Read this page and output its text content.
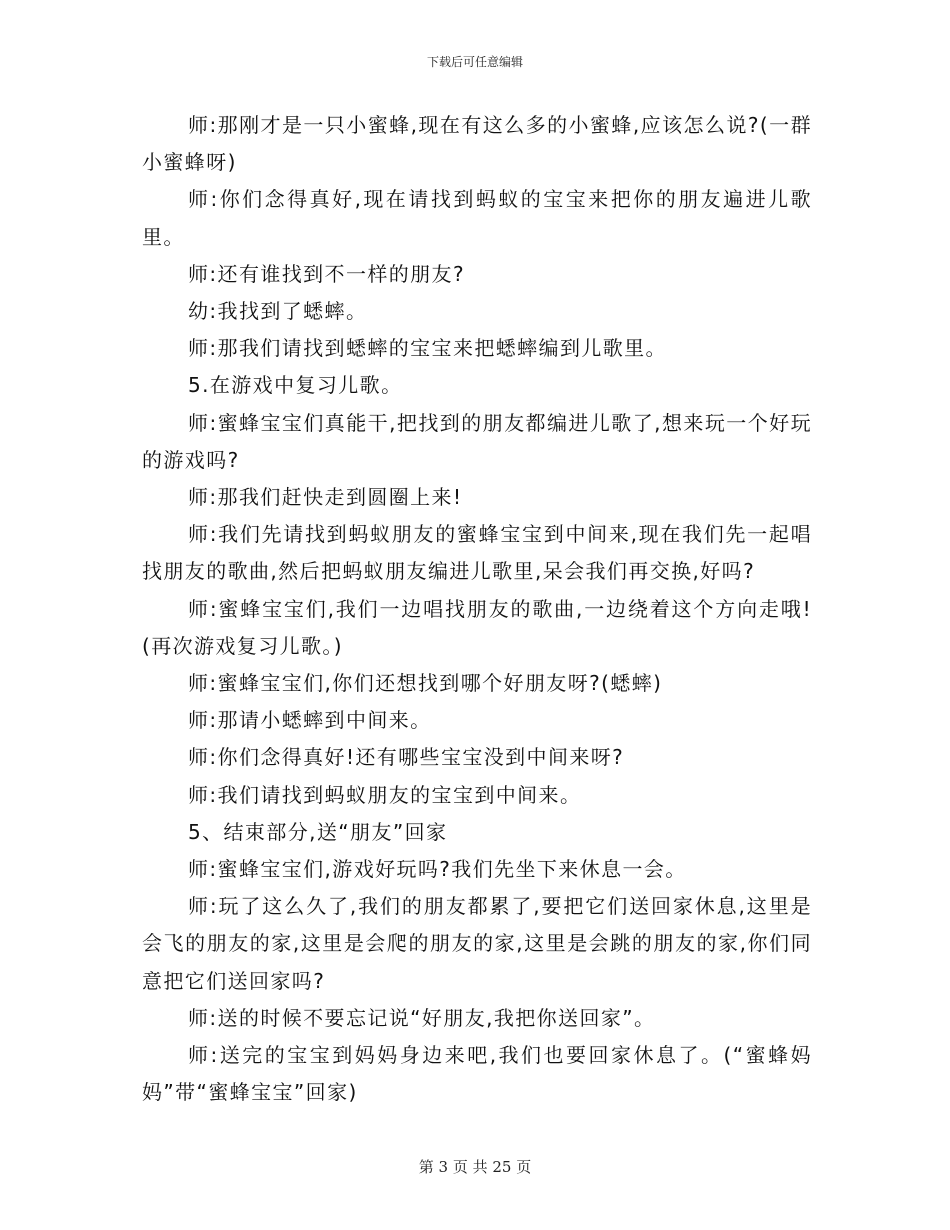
下载后可任意编辑

师:那刚才是一只小蜜蜂,现在有这么多的小蜜蜂,应该怎么说?(一群小蜜蜂呀)

师:你们念得真好,现在请找到蚂蚁的宝宝来把你的朋友遍进儿歌里。

师:还有谁找到不一样的朋友?

幼:我找到了蟋蟀。

师:那我们请找到蟋蟀的宝宝来把蟋蟀编到儿歌里。

5.在游戏中复习儿歌。

师:蜜蜂宝宝们真能干,把找到的朋友都编进儿歌了,想来玩一个好玩的游戏吗?

师:那我们赶快走到圆圈上来!

师:我们先请找到蚂蚁朋友的蜜蜂宝宝到中间来,现在我们先一起唱找朋友的歌曲,然后把蚂蚁朋友编进儿歌里,呆会我们再交换,好吗?

师:蜜蜂宝宝们,我们一边唱找朋友的歌曲,一边绕着这个方向走哦!(再次游戏复习儿歌。)

师:蜜蜂宝宝们,你们还想找到哪个好朋友呀?(蟋蟀)

师:那请小蟋蟀到中间来。

师:你们念得真好!还有哪些宝宝没到中间来呀?

师:我们请找到蚂蚁朋友的宝宝到中间来。

5、结束部分,送“朋友”回家

师:蜜蜂宝宝们,游戏好玩吗?我们先坐下来休息一会。

师:玩了这么久了,我们的朋友都累了,要把它们送回家休息,这里是会飞的朋友的家,这里是会爬的朋友的家,这里是会跳的朋友的家,你们同意把它们送回家吗?

师:送的时候不要忘记说“好朋友,我把你送回家”。

师:送完的宝宝到妈妈身边来吧,我们也要回家休息了。(“蜜蜂妈妈”带“蜜蜂宝宝”回家)

第 3 页 共 25 页
